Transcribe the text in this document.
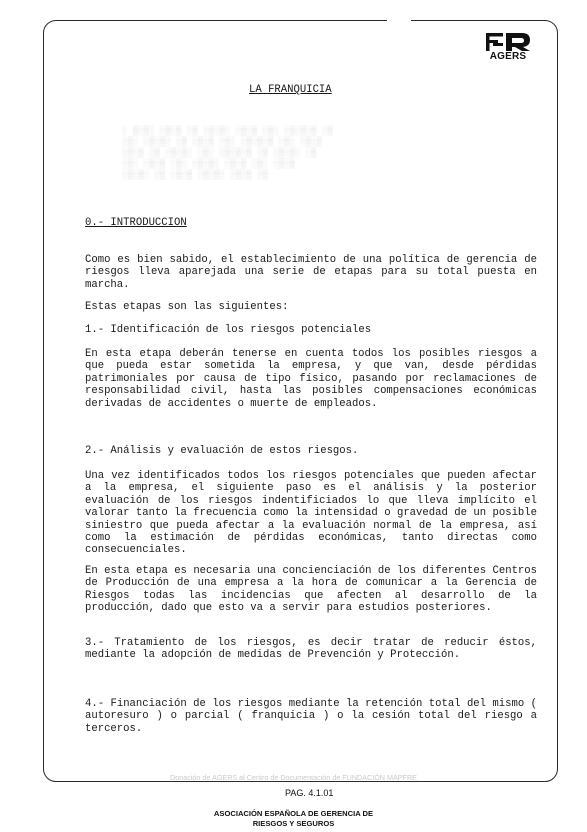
AGERS
LA FRANQUICIA
░ ▒░▒░ ░▒░▒ ░▒ ░▒░▒░ ░▒░▒ ░▒░ ░▒░▒░▒ ░▒
░▒░ ░▒░▒░ ░▒ ░▒░▒ ░▒░ ░▒░▒░▒ ░▒░ ░▒░▒
░▒░▒ ░▒ ░▒░▒░ ░▒░ ░▒░▒░▒ ░▒ ░▒░▒░ ░▒
░▒░ ░▒░▒ ░▒░ ░▒░▒░ ░▒░▒ ░▒░ ░▒░▒
░▒░▒░ ░▒ ░▒░▒ ░▒░▒░ ░▒░▒ ░▒
0.- INTRODUCCION
Como es bien sabido, el establecimiento de una política de gerencia de riesgos lleva aparejada una serie de etapas para su total puesta en marcha.
Estas etapas son las siguientes:
1.- Identificación de los riesgos potenciales
En esta etapa deberán tenerse en cuenta todos los posibles riesgos a que pueda estar sometida la empresa, y que van, desde pérdidas patrimoniales por causa de tipo físico, pasando por reclamaciones de responsabilidad civil, hasta las posibles compensaciones económicas derivadas de accidentes o muerte de empleados.
2.- Análisis y evaluación de estos riesgos.
Una vez identificados todos los riesgos potenciales que pueden afectar a la empresa, el siguiente paso es el análisis y la posterior evaluación de los riesgos indentificiados lo que lleva implícito el valorar tanto la frecuencia como la intensidad o gravedad de un posible siniestro que pueda afectar a la evaluación normal de la empresa, así como la estimación de pérdidas económicas, tanto directas como consecuenciales.
En esta etapa es necesaria una concienciación de los diferentes Centros de Producción de una empresa a la hora de comunicar a la Gerencia de Riesgos todas las incidencias que afecten al desarrollo de la producción, dado que esto va a servir para estudios posteriores.
3.- Tratamiento de los riesgos, es decir tratar de reducir éstos, mediante la adopción de medidas de Prevención y Protección.
4.- Financiación de los riesgos mediante la retención total del mismo ( autoresuro ) o parcial ( franquicia ) o la cesión total del riesgo a terceros.
Donación de AGERS al Centro de Documentación de FUNDACIÓN MAPFRE
PAG. 4.1.01
ASOCIACIÓN ESPAÑOLA DE GERENCIA DE
RIESGOS Y SEGUROS
